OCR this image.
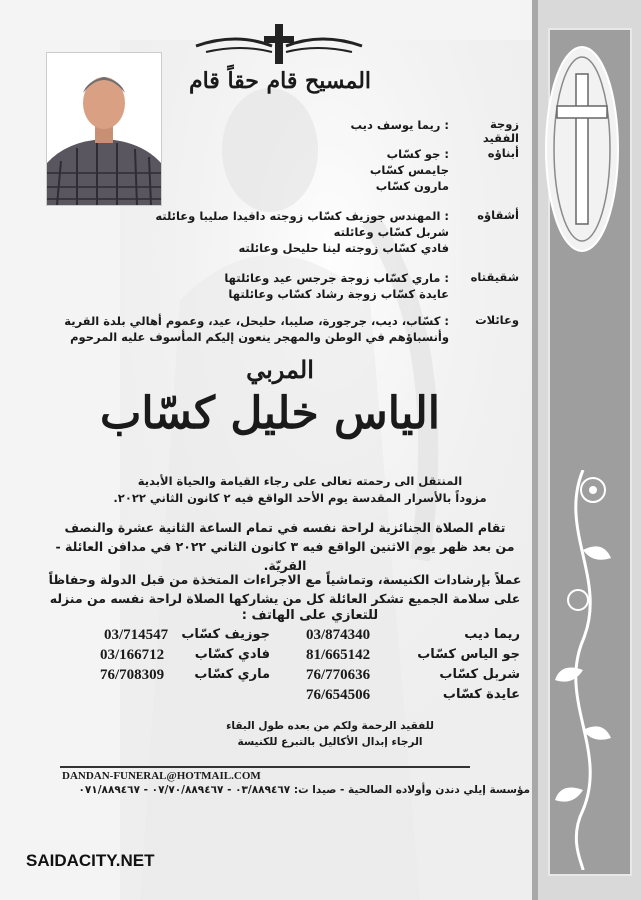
المسيح قام حقاً قام
زوجة الفقيد
: ريما يوسف ديب
أبناؤه
: جو كسّاب
جايمس كسّاب
مارون كسّاب
أشقاؤه
: المهندس جوزيف كسّاب زوجته دافيدا صليبا وعائلته
شربل كسّاب وعائلته
فادي كسّاب زوجته لينا حليحل وعائلته
شقيقتاه
: ماري كسّاب زوجة جرجس عيد وعائلتها
عايدة كسّاب زوجة رشاد كسّاب وعائلتها
وعائلات
: كسّاب، ديب، جرجورة، صليبا، حليحل، عيد، وعموم أهالي بلدة القرية
وأنسباؤهم في الوطن والمهجر ينعون إليكم المأسوف عليه المرحوم
المربي
الياس خليل كسّاب
المنتقل الى رحمته تعالى على رجاء القيامة والحياة الأبدية
مزوداً بالأسرار المقدسة يوم الأحد الواقع فيه ٢ كانون الثاني ٢٠٢٢.
تقام الصلاة الجنائزية لراحة نفسه في تمام الساعة الثانية عشرة والنصف
من بعد ظهر يوم الاثنين الواقع فيه ٣ كانون الثاني ٢٠٢٢ في مدافن العائلة - القريّة.
عملاً بإرشادات الكنيسة، وتماشياً مع الاجراءات المتخذة من قبل الدولة وحفاظاً
على سلامة الجميع تشكر العائلة كل من يشاركها الصلاة لراحة نفسه من منزله
للتعازي على الهاتف :
ريما ديب
03/874340
جوزيف كسّاب
03/714547
جو الياس كسّاب
81/665142
فادي كسّاب
03/166712
شربل كسّاب
76/770636
ماري كسّاب
76/708309
عايدة كسّاب
76/654506
للفقيد الرحمة ولكم من بعده طول البقاء
الرجاء إبدال الأكاليل بالتبرع للكنيسة
DANDAN-FUNERAL@HOTMAIL.COM
مؤسسة إيلي دندن وأولاده الصالحية - صيدا ت: ٠٣/٨٨٩٤٦٧ - ٠٧/٧٠/٨٨٩٤٦٧ - ٠٧١/٨٨٩٤٦٧
SAIDACITY.NET
